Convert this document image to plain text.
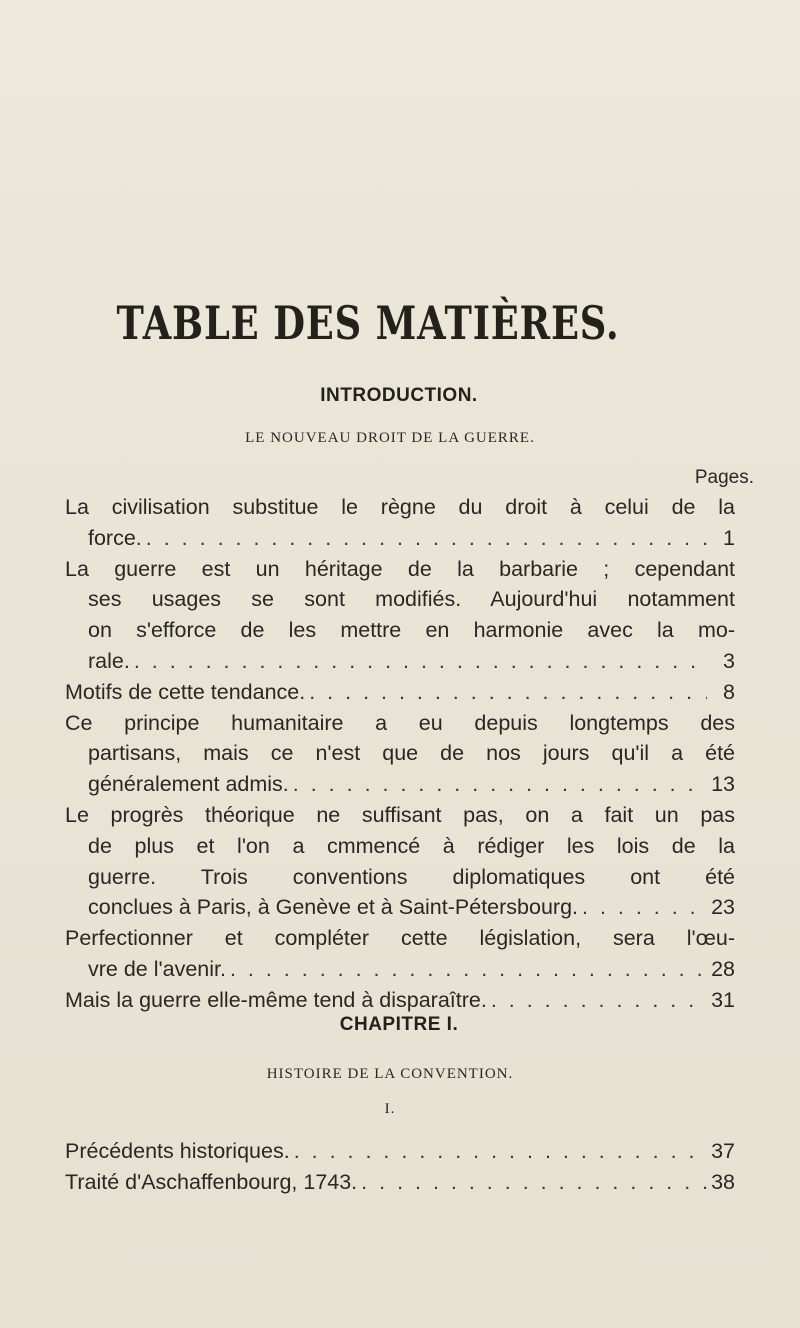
TABLE DES MATIÈRES.
INTRODUCTION.
LE NOUVEAU DROIT DE LA GUERRE.
Pages.
La civilisation substitue le règne du droit à celui de la
force. . . .	1
La guerre est un héritage de la barbarie ; cependant
ses usages se sont modifiés. Aujourd'hui notamment
on s'efforce de les mettre en harmonie avec la mo-
rale. . . .	3
Motifs de cette tendance. . . .	8
Ce principe humanitaire a eu depuis longtemps des
partisans, mais ce n'est que de nos jours qu'il a été
généralement admis. . . .	13
Le progrès théorique ne suffisant pas, on a fait un pas
de plus et l'on a cmmencé à rédiger les lois de la
guerre. Trois conventions diplomatiques ont été
conclues à Paris, à Genève et à Saint-Pétersbourg. . . .	23
Perfectionner et compléter cette législation, sera l'œu-
vre de l'avenir. . . .	28
Mais la guerre elle-même tend à disparaître. . . .	31
CHAPITRE I.
HISTOIRE DE LA CONVENTION.
I.
Précédents historiques. . . .	37
Traité d'Aschaffenbourg, 1743. . . .	38
